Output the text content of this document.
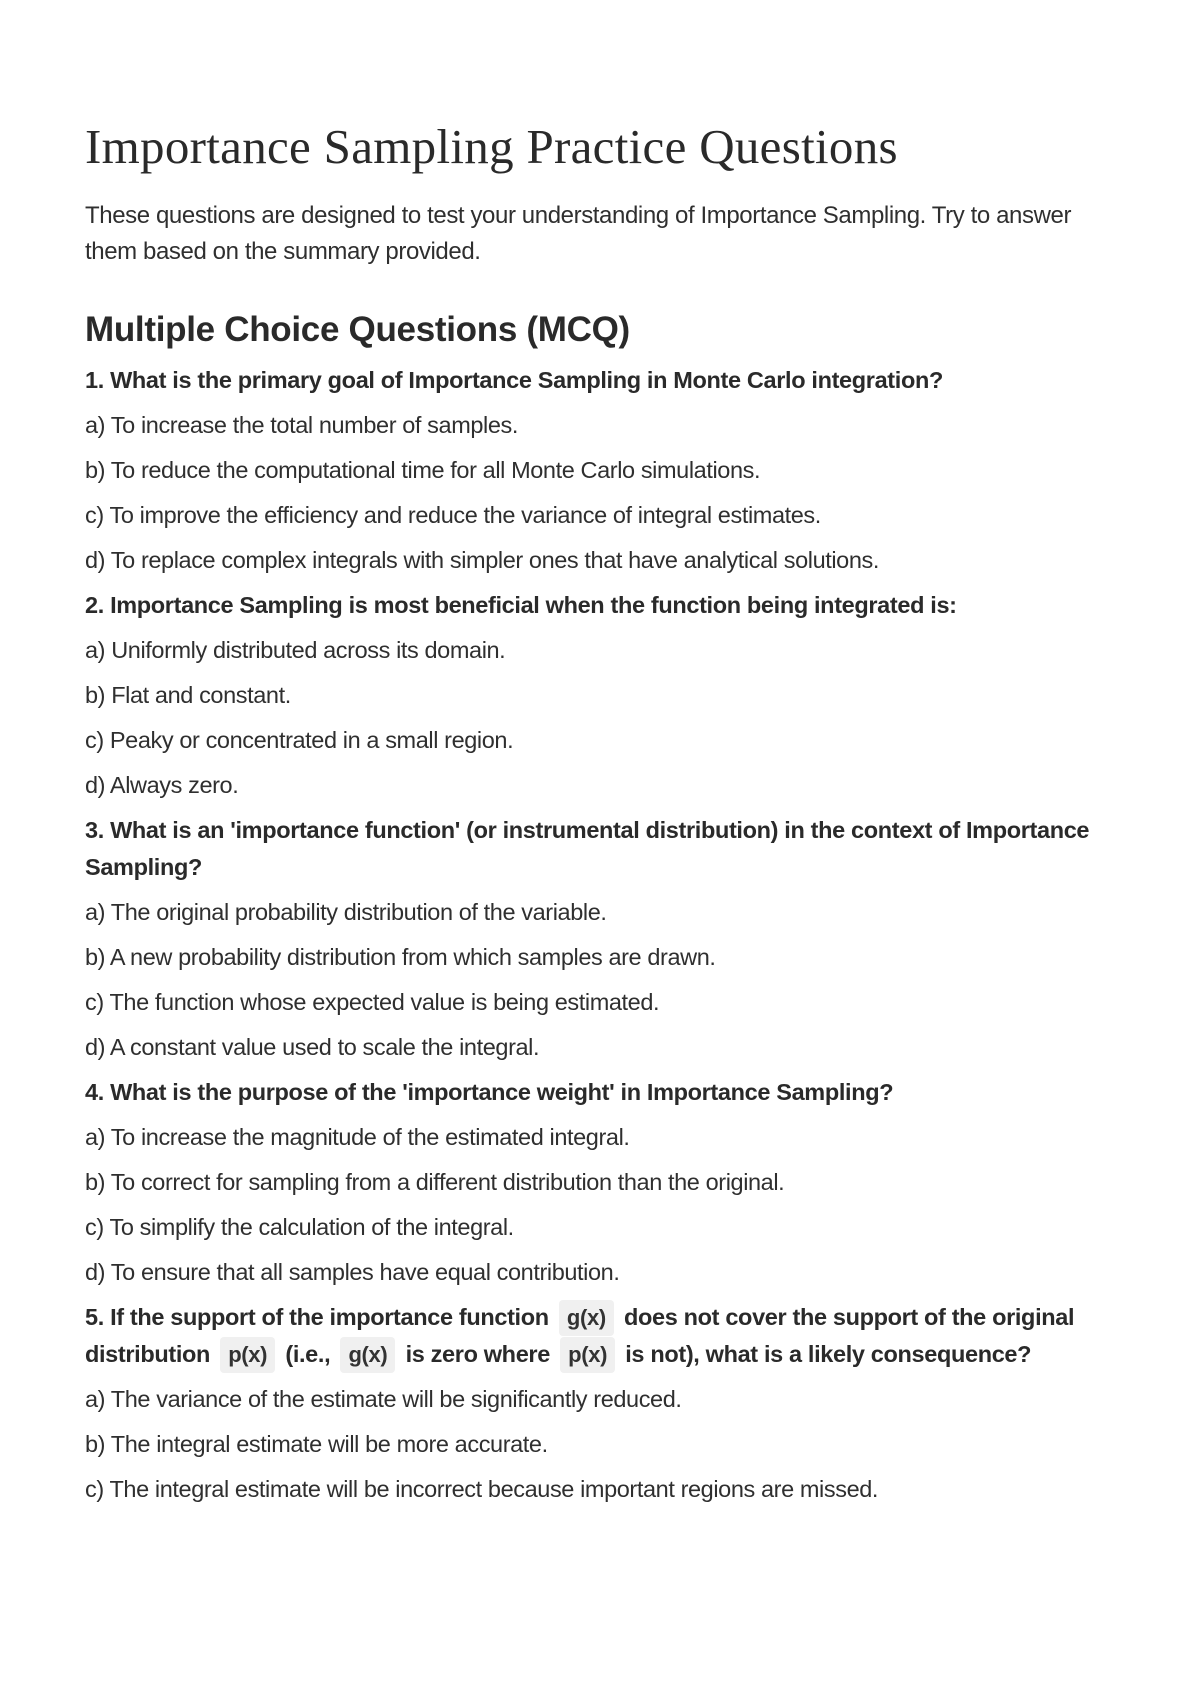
Importance Sampling Practice Questions

These questions are designed to test your understanding of Importance Sampling. Try to answer them based on the summary provided.

Multiple Choice Questions (MCQ)

1. What is the primary goal of Importance Sampling in Monte Carlo integration?

a) To increase the total number of samples.

b) To reduce the computational time for all Monte Carlo simulations.

c) To improve the efficiency and reduce the variance of integral estimates.

d) To replace complex integrals with simpler ones that have analytical solutions.

2. Importance Sampling is most beneficial when the function being integrated is:

a) Uniformly distributed across its domain.

b) Flat and constant.

c) Peaky or concentrated in a small region.

d) Always zero.

3. What is an 'importance function' (or instrumental distribution) in the context of Importance Sampling?

a) The original probability distribution of the variable.

b) A new probability distribution from which samples are drawn.

c) The function whose expected value is being estimated.

d) A constant value used to scale the integral.

4. What is the purpose of the 'importance weight' in Importance Sampling?

a) To increase the magnitude of the estimated integral.

b) To correct for sampling from a different distribution than the original.

c) To simplify the calculation of the integral.

d) To ensure that all samples have equal contribution.

5. If the support of the importance function g(x) does not cover the support of the original distribution p(x) (i.e., g(x) is zero where p(x) is not), what is a likely consequence?

a) The variance of the estimate will be significantly reduced.

b) The integral estimate will be more accurate.

c) The integral estimate will be incorrect because important regions are missed.
